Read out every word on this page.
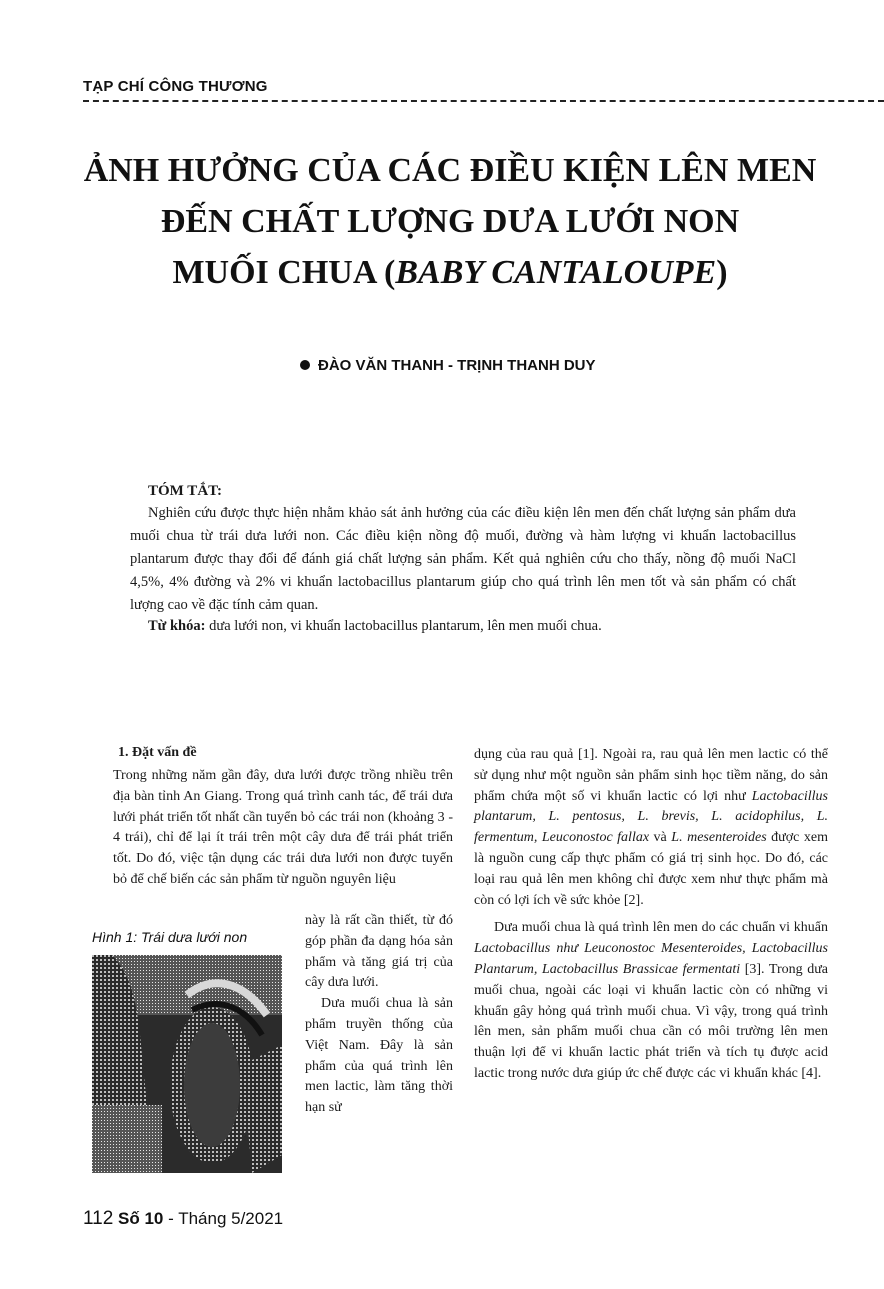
TẠP CHÍ CÔNG THƯƠNG
ẢNH HƯỞNG CỦA CÁC ĐIỀU KIỆN LÊN MEN
ĐẾN CHẤT LƯỢNG DƯA LƯỚI NON
MUỐI CHUA (BABY CANTALOUPE)
ĐÀO VĂN THANH - TRỊNH THANH DUY
TÓM TẮT:

Nghiên cứu được thực hiện nhằm khảo sát ảnh hưởng của các điều kiện lên men đến chất lượng sản phẩm dưa muối chua từ trái dưa lưới non. Các điều kiện nồng độ muối, đường và hàm lượng vi khuẩn lactobacillus plantarum được thay đổi để đánh giá chất lượng sản phẩm. Kết quả nghiên cứu cho thấy, nồng độ muối NaCl 4,5%, 4% đường và 2% vi khuẩn lactobacillus plantarum giúp cho quá trình lên men tốt và sản phẩm có chất lượng cao về đặc tính cảm quan.

Từ khóa: dưa lưới non, vi khuẩn lactobacillus plantarum, lên men muối chua.
1. Đặt vấn đề

Trong những năm gần đây, dưa lưới được trồng nhiều trên địa bàn tỉnh An Giang. Trong quá trình canh tác, để trái dưa lưới phát triển tốt nhất cần tuyển bỏ các trái non (khoảng 3 - 4 trái), chỉ để lại ít trái trên một cây dưa để trái phát triển tốt. Do đó, việc tận dụng các trái dưa lưới non được tuyển bỏ để chế biến các sản phẩm từ nguồn nguyên liệu

Hình 1: Trái dưa lưới non
này là rất cần thiết, từ đó góp phần đa dạng hóa sản phẩm và tăng giá trị của cây dưa lưới.
Dưa muối chua là sản phẩm truyền thống của Việt Nam. Đây là sản phẩm của quá trình lên men lactic, làm tăng thời hạn sử

dụng của rau quả [1]. Ngoài ra, rau quả lên men lactic có thể sử dụng như một nguồn sản phẩm sinh học tiềm năng, do sản phẩm chứa một số vi khuẩn lactic có lợi như Lactobacillus plantarum, L. pentosus, L. brevis, L. acidophilus, L. fermentum, Leuconostoc fallax và L. mesenteroides được xem là nguồn cung cấp thực phẩm có giá trị sinh học. Do đó, các loại rau quả lên men không chỉ được xem như thực phẩm mà còn có lợi ích về sức khỏe [2].

Dưa muối chua là quá trình lên men do các chuẩn vi khuẩn Lactobacillus như Leuconostoc Mesenteroides, Lactobacillus Plantarum, Lactobacillus Brassicae fermentati [3]. Trong dưa muối chua, ngoài các loại vi khuẩn lactic còn có những vi khuẩn gây hỏng quá trình muối chua. Vì vậy, trong quá trình lên men, sản phẩm muối chua cần có môi trường lên men thuận lợi để vi khuẩn lactic phát triển và tích tụ được acid lactic trong nước dưa giúp ức chế được các vi khuẩn khác [4].

112 Số 10 - Tháng 5/2021
